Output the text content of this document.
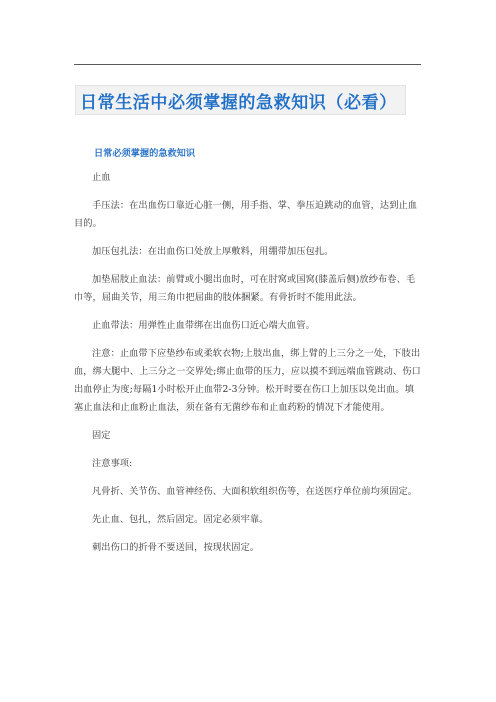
日常生活中必须掌握的急救知识（必看）
日常必须掌握的急救知识

止血

手压法：在出血伤口靠近心脏一侧，用手指、掌、拳压迫跳动的血管，达到止血目的。

加压包扎法：在出血伤口处放上厚敷料，用绷带加压包扎。

加垫屈肢止血法：前臂或小腿出血时，可在肘窝或国窝(膝盖后侧)放纱布卷、毛巾等，屈曲关节，用三角巾把屈曲的肢体捆紧。有骨折时不能用此法。

止血带法：用弹性止血带绑在出血伤口近心端大血管。

注意：止血带下应垫纱布或柔软衣物;上肢出血，绑上臂的上三分之一处，下肢出血，绑大腿中、上三分之一交界处;绑止血带的压力，应以摸不到远端血管跳动、伤口出血停止为度;每隔1小时松开止血带2-3分钟。松开时要在伤口上加压以免出血。填塞止血法和止血粉止血法，须在备有无菌纱布和止血药粉的情况下才能使用。

固定

注意事项:

凡骨折、关节伤、血管神经伤、大面积软组织伤等，在送医疗单位前均须固定。

先止血、包扎，然后固定。固定必须牢靠。

刺出伤口的折骨不要送回，按现状固定。
